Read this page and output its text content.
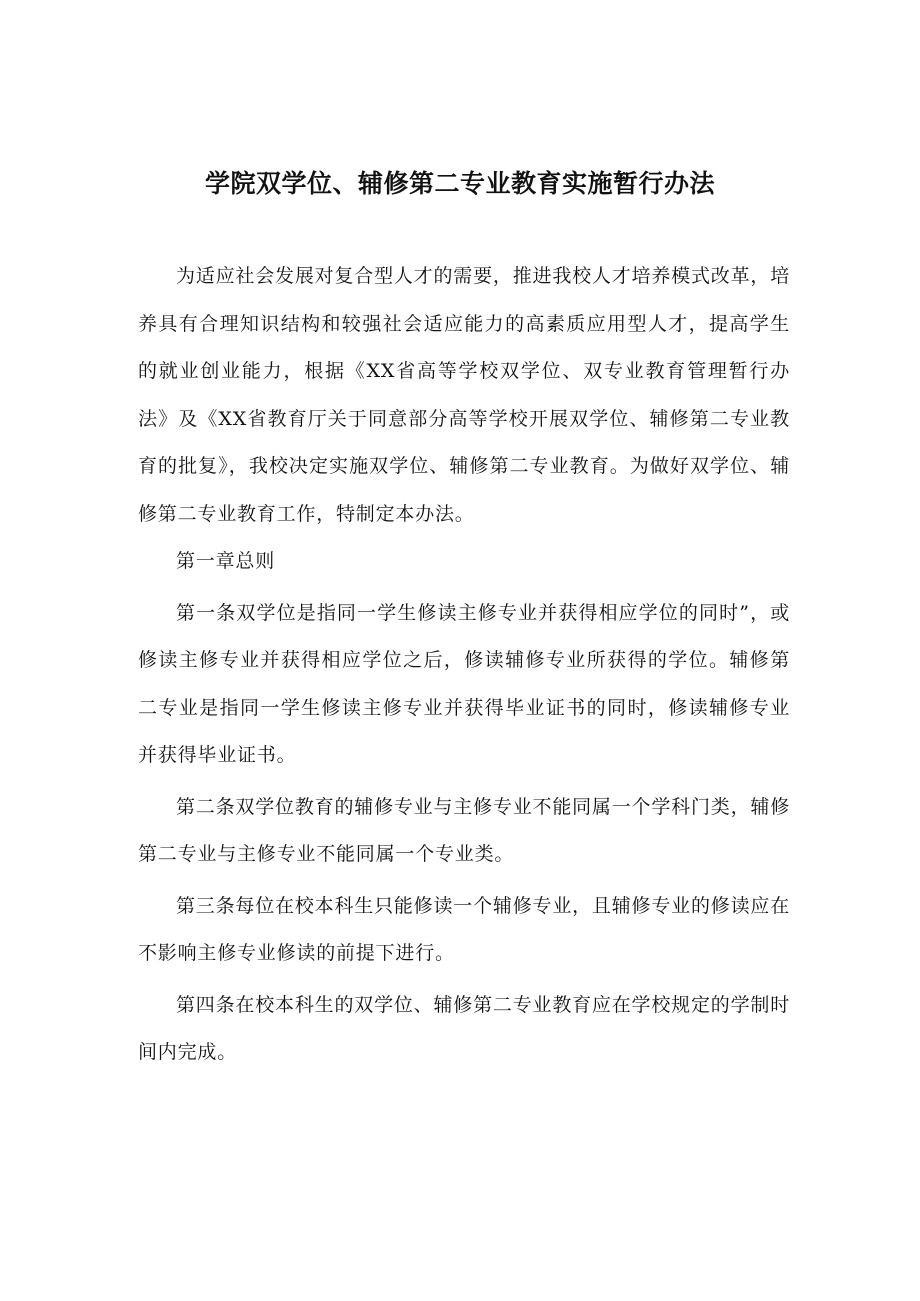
学院双学位、辅修第二专业教育实施暂行办法

为适应社会发展对复合型人才的需要，推进我校人才培养模式改革，培养具有合理知识结构和较强社会适应能力的高素质应用型人才，提高学生的就业创业能力，根据《XX省高等学校双学位、双专业教育管理暂行办法》及《XX省教育厅关于同意部分高等学校开展双学位、辅修第二专业教育的批复》，我校决定实施双学位、辅修第二专业教育。为做好双学位、辅修第二专业教育工作，特制定本办法。

第一章总则

第一条双学位是指同一学生修读主修专业并获得相应学位的同时”，或修读主修专业并获得相应学位之后，修读辅修专业所获得的学位。辅修第二专业是指同一学生修读主修专业并获得毕业证书的同时，修读辅修专业并获得毕业证书。

第二条双学位教育的辅修专业与主修专业不能同属一个学科门类，辅修第二专业与主修专业不能同属一个专业类。

第三条每位在校本科生只能修读一个辅修专业，且辅修专业的修读应在不影响主修专业修读的前提下进行。

第四条在校本科生的双学位、辅修第二专业教育应在学校规定的学制时间内完成。
